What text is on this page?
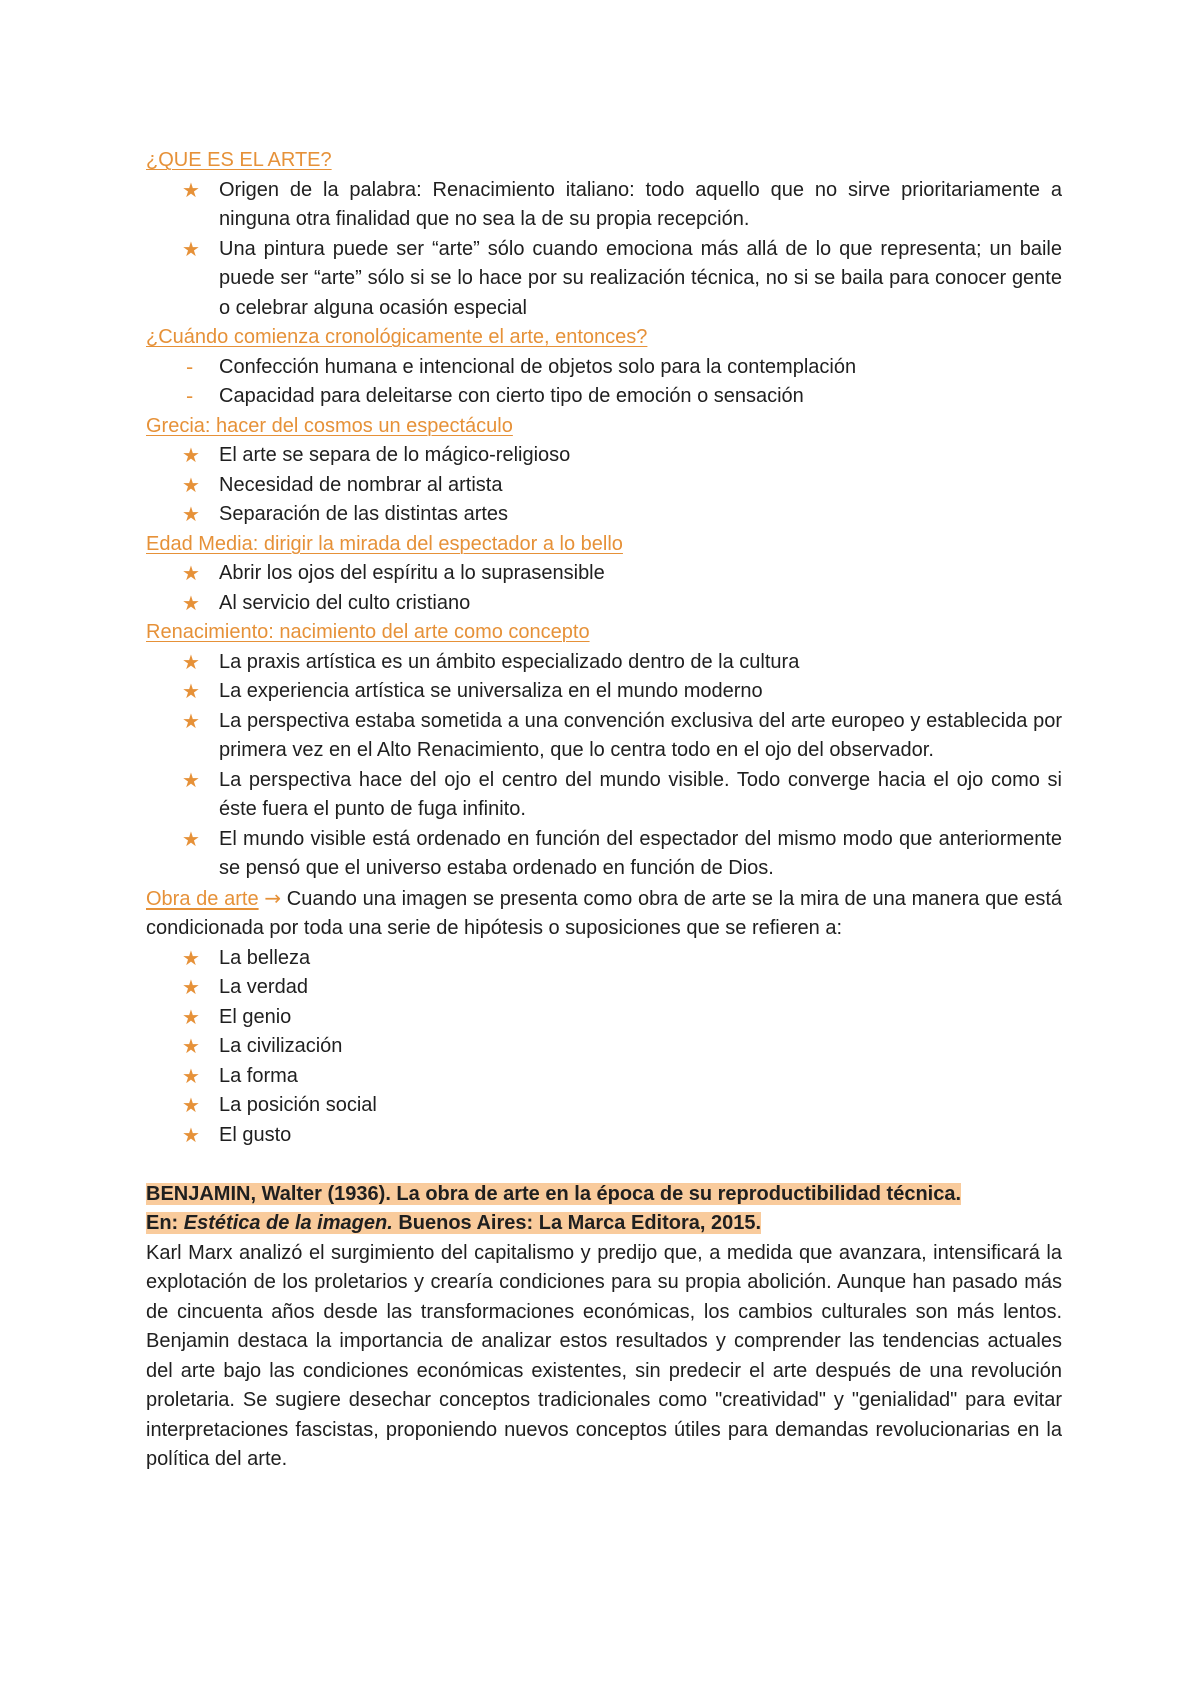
¿QUE ES EL ARTE?
★ Origen de la palabra: Renacimiento italiano: todo aquello que no sirve prioritariamente a ninguna otra finalidad que no sea la de su propia recepción.
★ Una pintura puede ser “arte” sólo cuando emociona más allá de lo que representa; un baile puede ser “arte” sólo si se lo hace por su realización técnica, no si se baila para conocer gente o celebrar alguna ocasión especial
¿Cuándo comienza cronológicamente el arte, entonces?
- Confección humana e intencional de objetos solo para la contemplación
- Capacidad para deleitarse con cierto tipo de emoción o sensación
Grecia: hacer del cosmos un espectáculo
★ El arte se separa de lo mágico-religioso
★ Necesidad de nombrar al artista
★ Separación de las distintas artes
Edad Media: dirigir la mirada del espectador a lo bello
★ Abrir los ojos del espíritu a lo suprasensible
★ Al servicio del culto cristiano
Renacimiento: nacimiento del arte como concepto
★ La praxis artística es un ámbito especializado dentro de la cultura
★ La experiencia artística se universaliza en el mundo moderno
★ La perspectiva estaba sometida a una convención exclusiva del arte europeo y establecida por primera vez en el Alto Renacimiento, que lo centra todo en el ojo del observador.
★ La perspectiva hace del ojo el centro del mundo visible. Todo converge hacia el ojo como si éste fuera el punto de fuga infinito.
★ El mundo visible está ordenado en función del espectador del mismo modo que anteriormente se pensó que el universo estaba ordenado en función de Dios.
Obra de arte → Cuando una imagen se presenta como obra de arte se la mira de una manera que está condicionada por toda una serie de hipótesis o suposiciones que se refieren a:
★ La belleza
★ La verdad
★ El genio
★ La civilización
★ La forma
★ La posición social
★ El gusto
BENJAMIN, Walter (1936). La obra de arte en la época de su reproductibilidad técnica.
En: Estética de la imagen. Buenos Aires: La Marca Editora, 2015.
Karl Marx analizó el surgimiento del capitalismo y predijo que, a medida que avanzara, intensificará la explotación de los proletarios y crearía condiciones para su propia abolición. Aunque han pasado más de cincuenta años desde las transformaciones económicas, los cambios culturales son más lentos. Benjamin destaca la importancia de analizar estos resultados y comprender las tendencias actuales del arte bajo las condiciones económicas existentes, sin predecir el arte después de una revolución proletaria. Se sugiere desechar conceptos tradicionales como "creatividad" y "genialidad" para evitar interpretaciones fascistas, proponiendo nuevos conceptos útiles para demandas revolucionarias en la política del arte.
